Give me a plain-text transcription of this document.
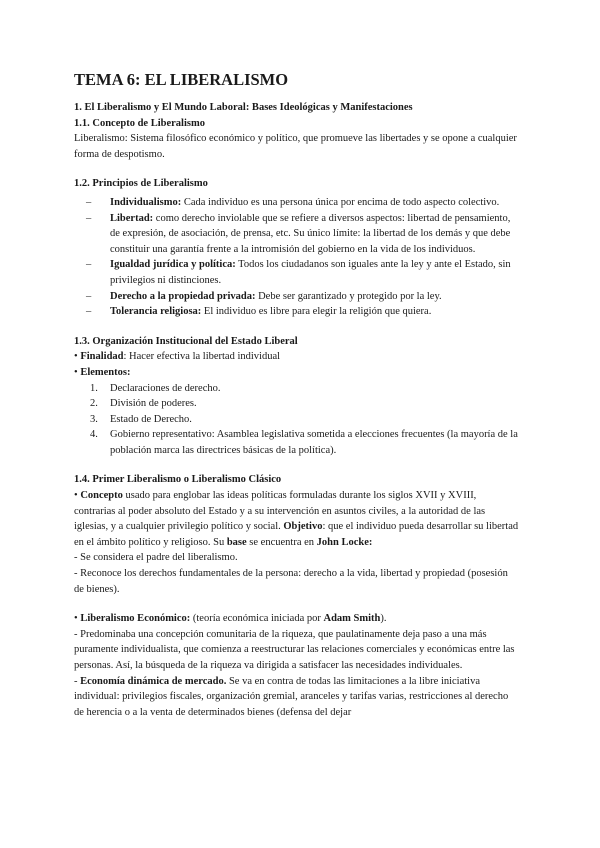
TEMA 6: EL LIBERALISMO

1. El Liberalismo y El Mundo Laboral: Bases Ideológicas y Manifestaciones

1.1. Concepto de Liberalismo

Liberalismo: Sistema filosófico económico y político, que promueve las libertades y se opone a cualquier forma de despotismo.

1.2. Principios de Liberalismo

– Individualismo: Cada individuo es una persona única por encima de todo aspecto colectivo.
– Libertad: como derecho inviolable que se refiere a diversos aspectos: libertad de pensamiento, de expresión, de asociación, de prensa, etc. Su único límite: la libertad de los demás y que debe constituir una garantía frente a la intromisión del gobierno en la vida de los individuos.
– Igualdad jurídica y política: Todos los ciudadanos son iguales ante la ley y ante el Estado, sin privilegios ni distinciones.
– Derecho a la propiedad privada: Debe ser garantizado y protegido por la ley.
– Tolerancia religiosa: El individuo es libre para elegir la religión que quiera.

1.3. Organización Institucional del Estado Liberal

• Finalidad: Hacer efectiva la libertad individual

• Elementos:

1. Declaraciones de derecho.
2. División de poderes.
3. Estado de Derecho.
4. Gobierno representativo: Asamblea legislativa sometida a elecciones frecuentes (la mayoría de la población marca las directrices básicas de la política).

1.4. Primer Liberalismo o Liberalismo Clásico

• Concepto usado para englobar las ideas políticas formuladas durante los siglos XVII y XVIII, contrarias al poder absoluto del Estado y a su intervención en asuntos civiles, a la autoridad de las iglesias, y a cualquier privilegio político y social. Objetivo: que el individuo pueda desarrollar su libertad en el ámbito político y religioso. Su base se encuentra en John Locke:

- Se considera el padre del liberalismo.

- Reconoce los derechos fundamentales de la persona: derecho a la vida, libertad y propiedad (posesión de bienes).

• Liberalismo Económico: (teoría económica iniciada por Adam Smith).

- Predominaba una concepción comunitaria de la riqueza, que paulatinamente deja paso a una más puramente individualista, que comienza a reestructurar las relaciones comerciales y económicas entre las personas. Así, la búsqueda de la riqueza va dirigida a satisfacer las necesidades individuales.

- Economía dinámica de mercado. Se va en contra de todas las limitaciones a la libre iniciativa individual: privilegios fiscales, organización gremial, aranceles y tarifas varias, restricciones al derecho de herencia o a la venta de determinados bienes (defensa del dejar
